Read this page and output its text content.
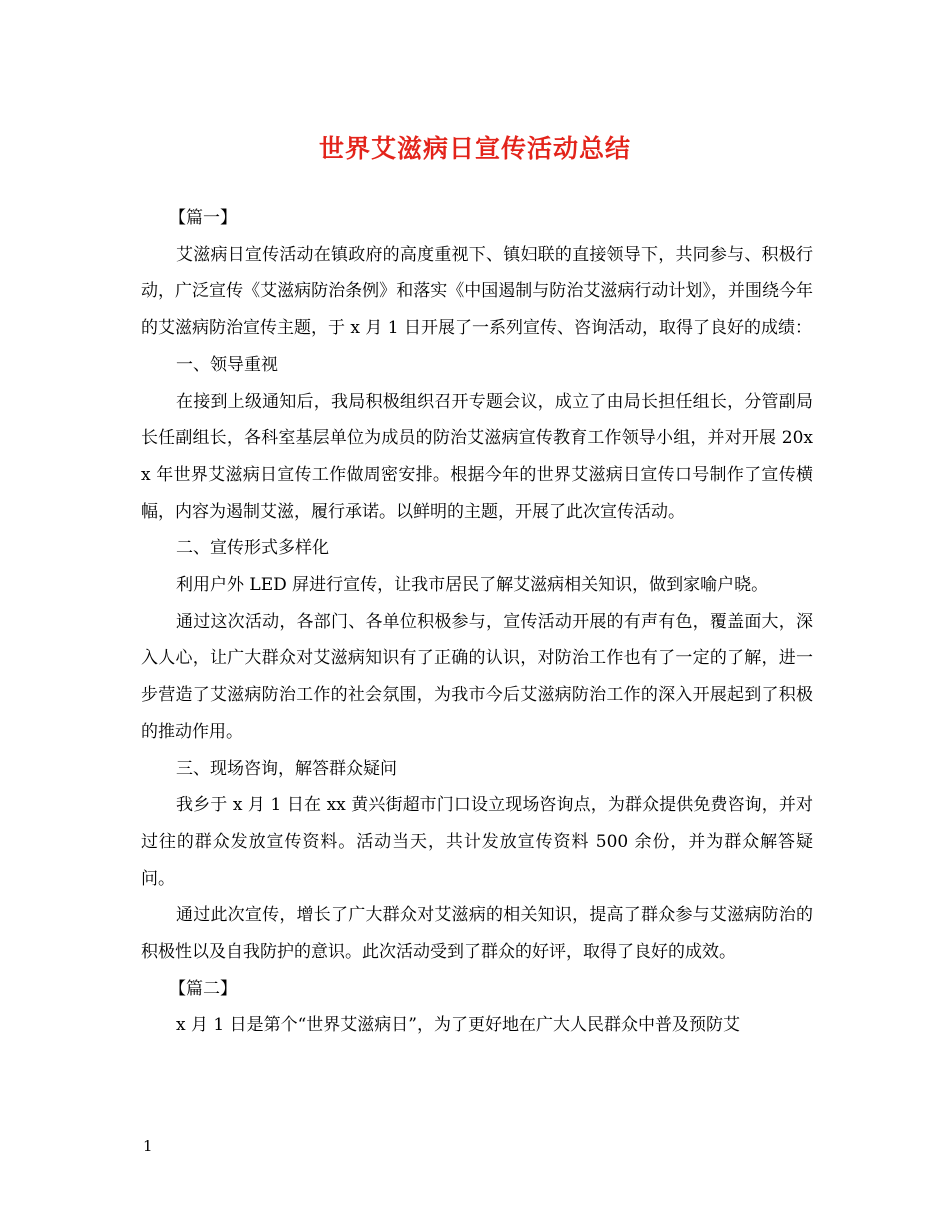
世界艾滋病日宣传活动总结

【篇一】

艾滋病日宣传活动在镇政府的高度重视下、镇妇联的直接领导下，共同参与、积极行动，广泛宣传《艾滋病防治条例》和落实《中国遏制与防治艾滋病行动计划》，并围绕今年的艾滋病防治宣传主题，于 x 月 1 日开展了一系列宣传、咨询活动，取得了良好的成绩：

一、领导重视

在接到上级通知后，我局积极组织召开专题会议，成立了由局长担任组长，分管副局长任副组长，各科室基层单位为成员的防治艾滋病宣传教育工作领导小组，并对开展 20xx 年世界艾滋病日宣传工作做周密安排。根据今年的世界艾滋病日宣传口号制作了宣传横幅，内容为遏制艾滋，履行承诺。以鲜明的主题，开展了此次宣传活动。

二、宣传形式多样化

利用户外 LED 屏进行宣传，让我市居民了解艾滋病相关知识，做到家喻户晓。

通过这次活动，各部门、各单位积极参与，宣传活动开展的有声有色，覆盖面大，深入人心，让广大群众对艾滋病知识有了正确的认识，对防治工作也有了一定的了解，进一步营造了艾滋病防治工作的社会氛围，为我市今后艾滋病防治工作的深入开展起到了积极的推动作用。

三、现场咨询，解答群众疑问

我乡于 x 月 1 日在 xx 黄兴街超市门口设立现场咨询点，为群众提供免费咨询，并对过往的群众发放宣传资料。活动当天，共计发放宣传资料 500 余份，并为群众解答疑问。

通过此次宣传，增长了广大群众对艾滋病的相关知识，提高了群众参与艾滋病防治的积极性以及自我防护的意识。此次活动受到了群众的好评，取得了良好的成效。

【篇二】

x 月 1 日是第个“世界艾滋病日”，为了更好地在广大人民群众中普及预防艾

1
